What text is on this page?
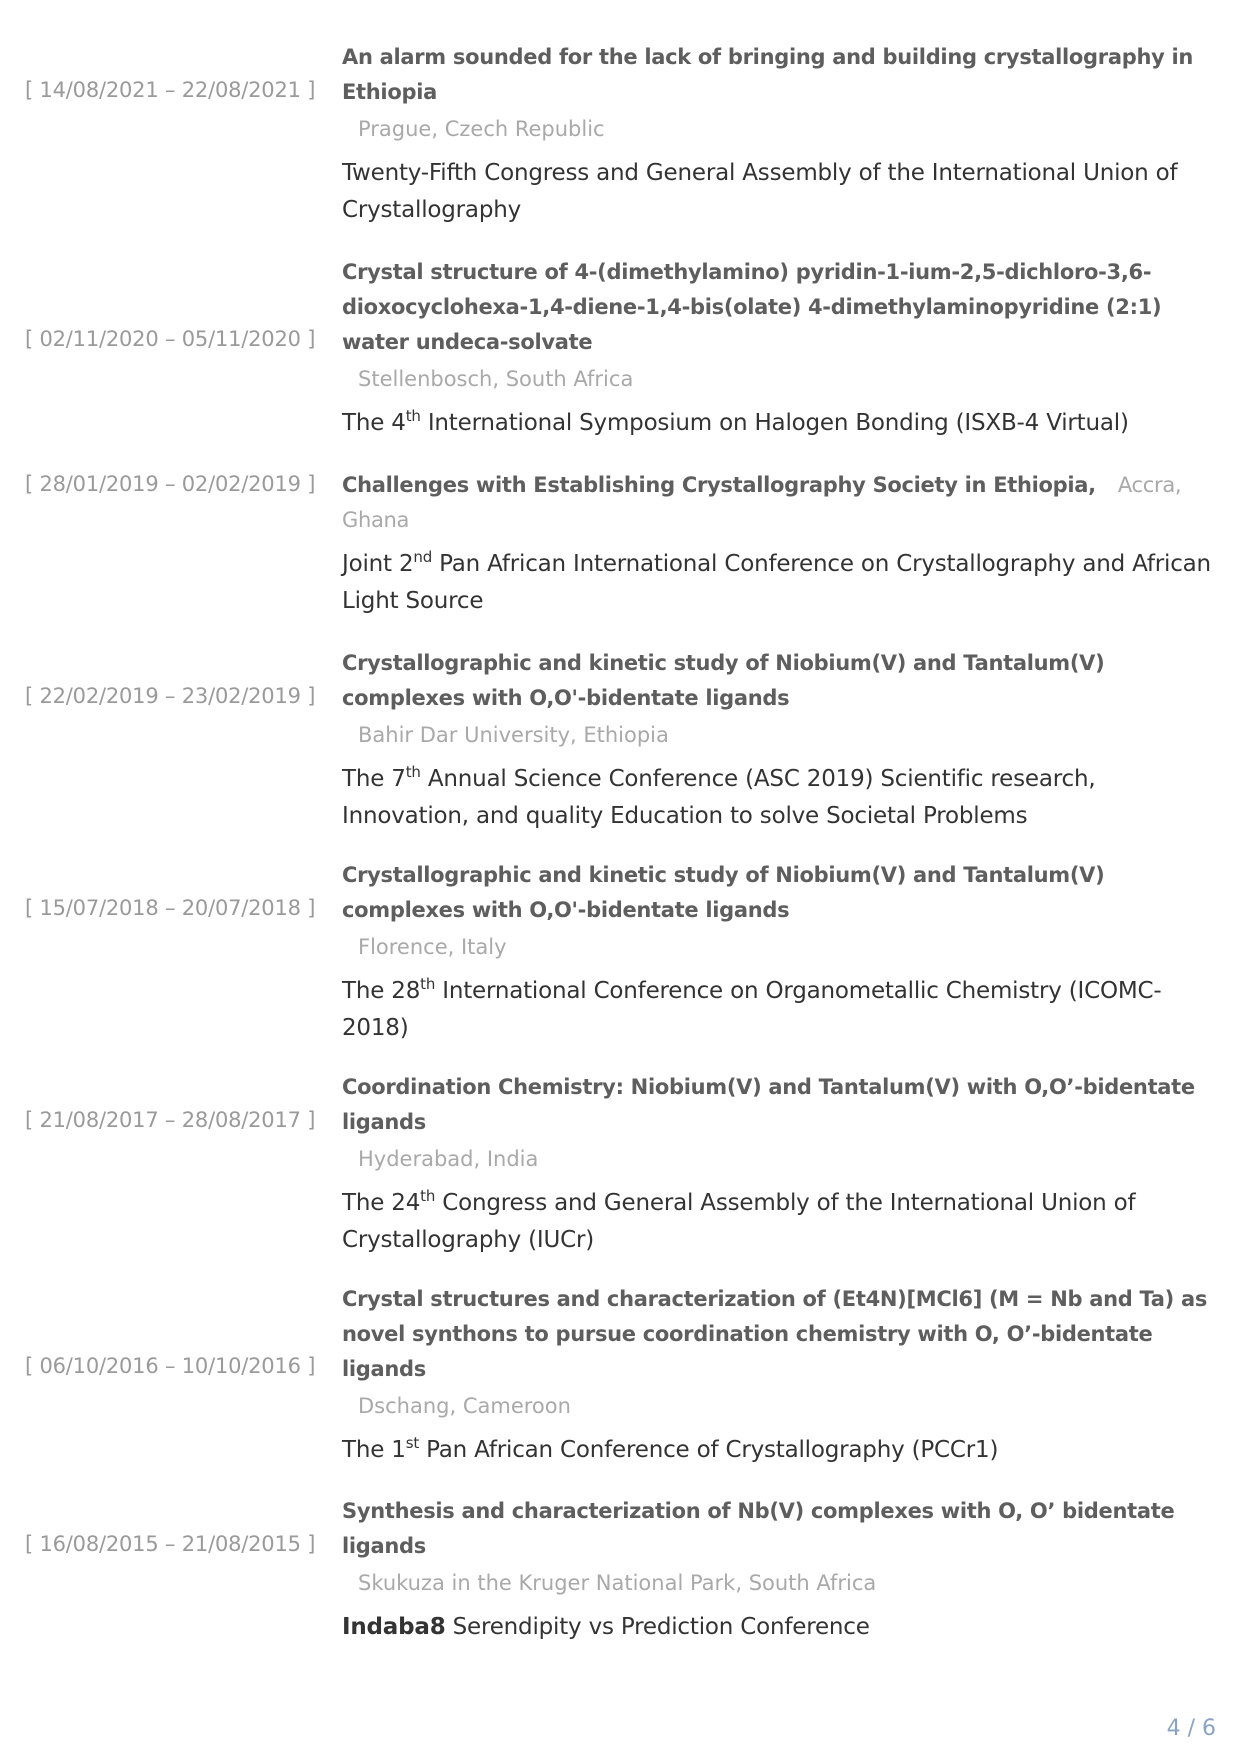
[ 14/08/2021 – 22/08/2021 ]
An alarm sounded for the lack of bringing and building crystallography in Ethiopia
Prague, Czech Republic
Twenty-Fifth Congress and General Assembly of the International Union of Crystallography
[ 02/11/2020 – 05/11/2020 ]
Crystal structure of 4-(dimethylamino) pyridin-1-ium-2,5-dichloro-3,6-dioxocyclohexa-1,4-diene-1,4-bis(olate) 4-dimethylaminopyridine (2:1) water undeca-solvate
Stellenbosch, South Africa
The 4th International Symposium on Halogen Bonding (ISXB-4 Virtual)
[ 28/01/2019 – 02/02/2019 ] Challenges with Establishing Crystallography Society in Ethiopia, Accra, Ghana
Joint 2nd Pan African International Conference on Crystallography and African Light Source
[ 22/02/2019 – 23/02/2019 ]
Crystallographic and kinetic study of Niobium(V) and Tantalum(V) complexes with O,O'-bidentate ligands
Bahir Dar University, Ethiopia
The 7th Annual Science Conference (ASC 2019) Scientific research, Innovation, and quality Education to solve Societal Problems
[ 15/07/2018 – 20/07/2018 ]
Crystallographic and kinetic study of Niobium(V) and Tantalum(V) complexes with O,O'-bidentate ligands
Florence, Italy
The 28th International Conference on Organometallic Chemistry (ICOMC-2018)
[ 21/08/2017 – 28/08/2017 ]
Coordination Chemistry: Niobium(V) and Tantalum(V) with O,O’-bidentate ligands
Hyderabad, India
The 24th Congress and General Assembly of the International Union of Crystallography (IUCr)
[ 06/10/2016 – 10/10/2016 ]
Crystal structures and characterization of (Et4N)[MCl6] (M = Nb and Ta) as novel synthons to pursue coordination chemistry with O, O’-bidentate ligands
Dschang, Cameroon
The 1st Pan African Conference of Crystallography (PCCr1)
[ 16/08/2015 – 21/08/2015 ]
Synthesis and characterization of Nb(V) complexes with O, O’ bidentate ligands
Skukuza in the Kruger National Park, South Africa
Indaba8 Serendipity vs Prediction Conference
4 / 6
